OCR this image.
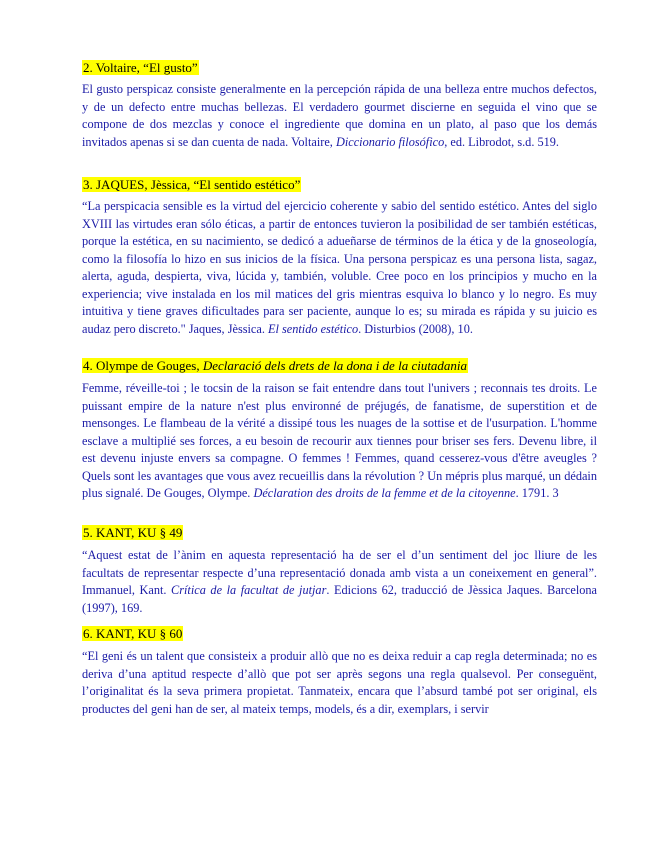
2. Voltaire, “El gusto”

El gusto perspicaz consiste generalmente en la percepción rápida de una belleza entre muchos defectos, y de un defecto entre muchas bellezas. El verdadero gourmet discierne en seguida el vino que se compone de dos mezclas y conoce el ingrediente que domina en un plato, al paso que los demás invitados apenas si se dan cuenta de nada. Voltaire, Diccionario filosófico, ed. Librodot, s.d. 519.

3. JAQUES, Jèssica, “El sentido estético”

“La perspicacia sensible es la virtud del ejercicio coherente y sabio del sentido estético. Antes del siglo XVIII las virtudes eran sólo éticas, a partir de entonces tuvieron la posibilidad de ser también estéticas, porque la estética, en su nacimiento, se dedicó a adueñarse de términos de la ética y de la gnoseología, como la filosofía lo hizo en sus inicios de la física. Una persona perspicaz es una persona lista, sagaz, alerta, aguda, despierta, viva, lúcida y, también, voluble. Cree poco en los principios y mucho en la experiencia; vive instalada en los mil matices del gris mientras esquiva lo blanco y lo negro. Es muy intuitiva y tiene graves dificultades para ser paciente, aunque lo es; su mirada es rápida y su juicio es audaz pero discreto." Jaques, Jèssica. El sentido estético. Disturbios (2008), 10.

4. Olympe de Gouges, Declaració dels drets de la dona i de la ciutadania

Femme, réveille-toi ; le tocsin de la raison se fait entendre dans tout l'univers ; reconnais tes droits. Le puissant empire de la nature n'est plus environné de préjugés, de fanatisme, de superstition et de mensonges. Le flambeau de la vérité a dissipé tous les nuages de la sottise et de l'usurpation. L'homme esclave a multiplié ses forces, a eu besoin de recourir aux tiennes pour briser ses fers. Devenu libre, il est devenu injuste envers sa compagne. O femmes ! Femmes, quand cesserez-vous d'être aveugles ? Quels sont les avantages que vous avez recueillis dans la révolution ? Un mépris plus marqué, un dédain plus signalé. De Gouges, Olympe. Déclaration des droits de la femme et de la citoyenne. 1791. 3

5. KANT, KU § 49

“Aquest estat de l’ànim en aquesta representació ha de ser el d’un sentiment del joc lliure de les facultats de representar respecte d’una representació donada amb vista a un coneixement en general”. Immanuel, Kant. Crítica de la facultat de jutjar. Edicions 62, traducció de Jèssica Jaques. Barcelona (1997), 169.

6. KANT, KU § 60

“El geni és un talent que consisteix a produir allò que no es deixa reduir a cap regla determinada; no es deriva d’una aptitud respecte d’allò que pot ser après segons una regla qualsevol. Per conseguënt, l’originalitat és la seva primera propietat. Tanmateix, encara que l’absurd també pot ser original, els productes del geni han de ser, al mateix temps, models, és a dir, exemplars, i servir
